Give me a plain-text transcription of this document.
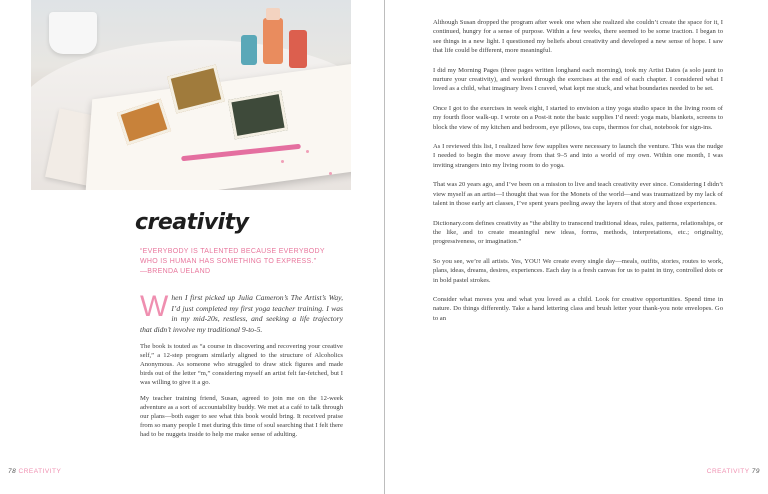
creativity
“EVERYBODY IS TALENTED BECAUSE EVERYBODY
WHO IS HUMAN HAS SOMETHING TO EXPRESS.”
—BRENDA UELAND

When I first picked up Julia Cameron’s The Artist’s Way, I’d just completed my first yoga teacher training. I was in my mid-20s, restless, and seeking a life trajectory that didn’t involve my traditional 9-to-5.

The book is touted as “a course in discovering and recovering your creative self,” a 12-step program similarly aligned to the structure of Alcoholics Anonymous. As someone who struggled to draw stick figures and made birds out of the letter “m,” considering myself an artist felt far-fetched, but I was willing to give it a go.

My teacher training friend, Susan, agreed to join me on the 12-week adventure as a sort of accountability buddy. We met at a café to talk through our plans—both eager to see what this book would bring. It received praise from so many people I met during this time of soul searching that I felt there had to be nuggets inside to help me make sense of adulting.

78 CREATIVITY

Although Susan dropped the program after week one when she realized she couldn’t create the space for it, I continued, hungry for a sense of purpose. Within a few weeks, there seemed to be some traction. I began to see things in a new light. I questioned my beliefs about creativity and developed a new sense of hope. I saw that life could be different, more meaningful.

I did my Morning Pages (three pages written longhand each morning), took my Artist Dates (a solo jaunt to nurture your creativity), and worked through the exercises at the end of each chapter. I considered what I loved as a child, what imaginary lives I craved, what kept me stuck, and what boundaries needed to be set.

Once I got to the exercises in week eight, I started to envision a tiny yoga studio space in the living room of my fourth floor walk-up. I wrote on a Post-it note the basic supplies I’d need: yoga mats, blankets, screens to block the view of my kitchen and bedroom, eye pillows, tea cups, thermos for chai, notebook for sign-ins.

As I reviewed this list, I realized how few supplies were necessary to launch the venture. This was the nudge I needed to begin the move away from that 9–5 and into a world of my own. Within one month, I was inviting strangers into my living room to do yoga.

That was 20 years ago, and I’ve been on a mission to live and teach creativity ever since. Considering I didn’t view myself as an artist—I thought that was for the Monets of the world—and was traumatized by my lack of talent in those early art classes, I’ve spent years peeling away the layers of that story and those experiences.

Dictionary.com defines creativity as “the ability to transcend traditional ideas, rules, patterns, relationships, or the like, and to create meaningful new ideas, forms, methods, interpretations, etc.; originality, progressiveness, or imagination.”

So you see, we’re all artists. Yes, YOU! We create every single day—meals, outfits, stories, routes to work, plans, ideas, dreams, desires, experiences. Each day is a fresh canvas for us to paint in tiny, controlled dots or in bold pastel strokes.

Consider what moves you and what you loved as a child. Look for creative opportunities. Spend time in nature. Do things differently. Take a hand lettering class and brush letter your thank-you note envelopes. Go to an

CREATIVITY 79
